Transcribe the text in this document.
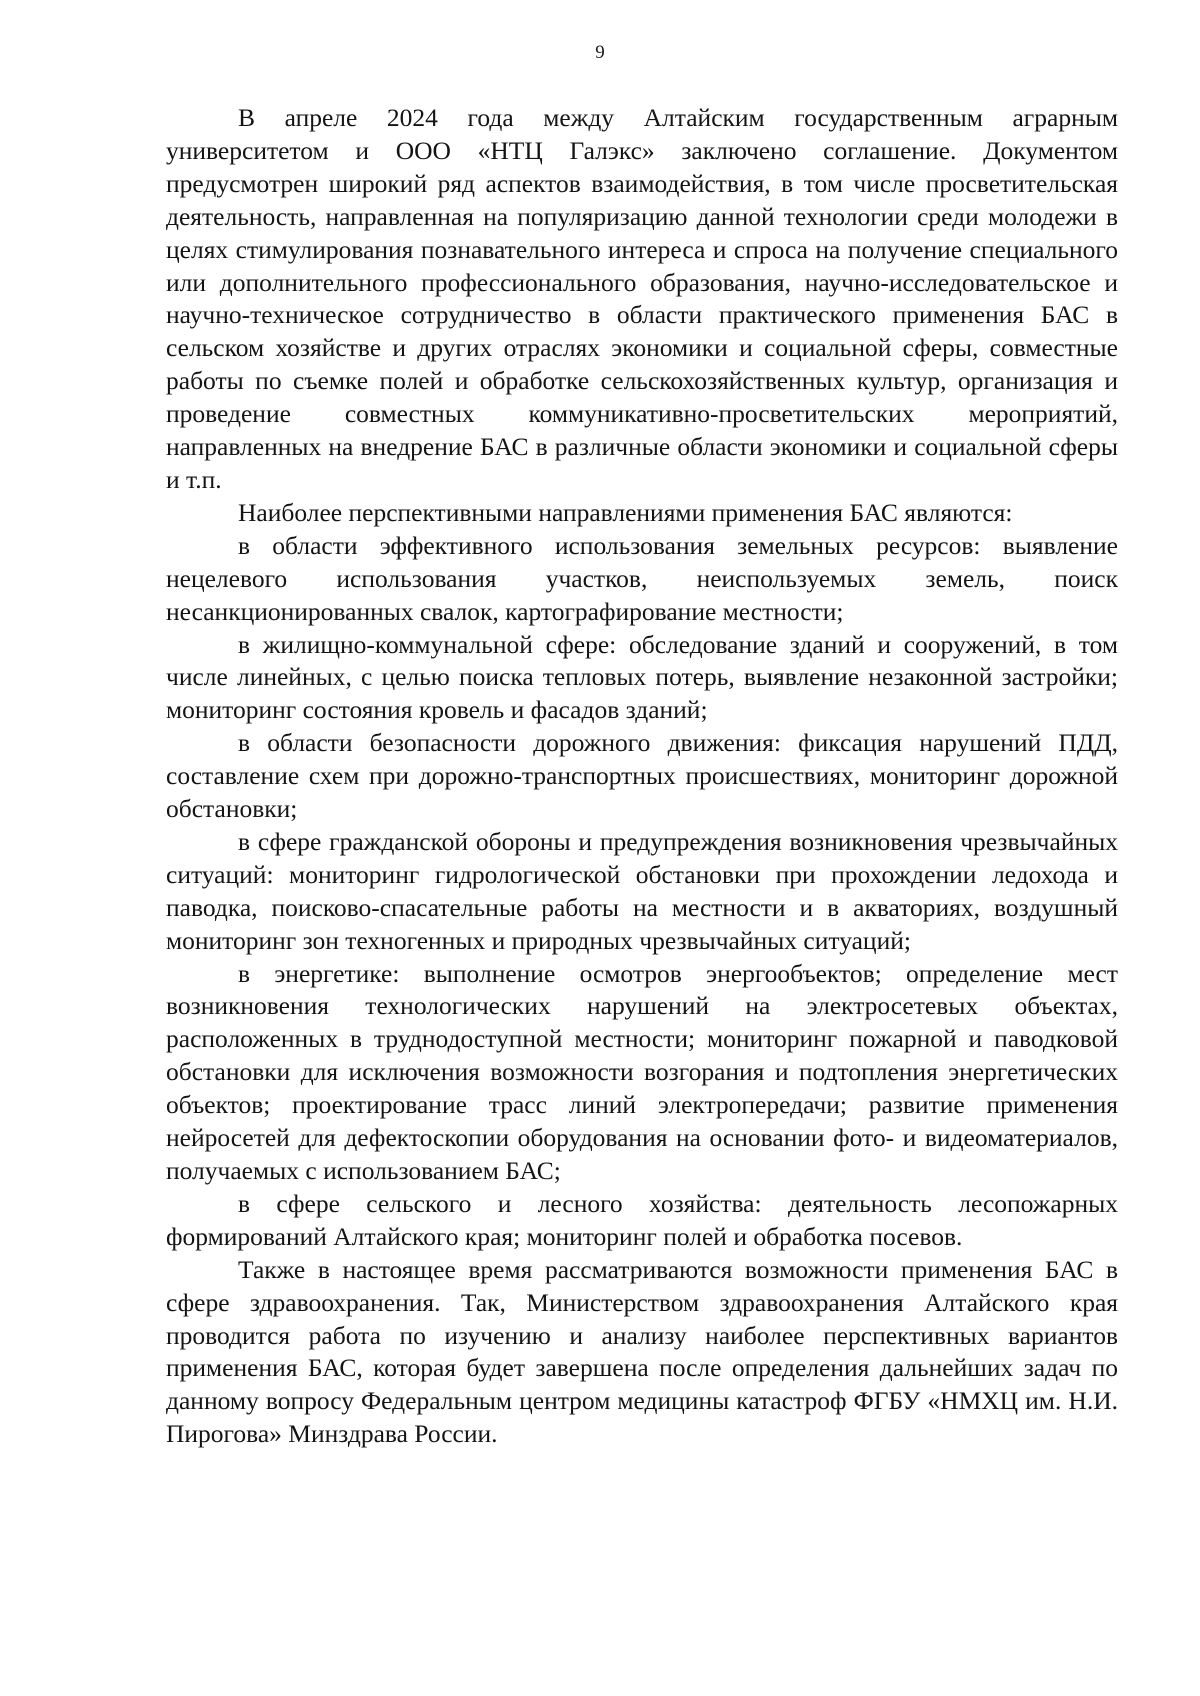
9

В апреле 2024 года между Алтайским государственным аграрным университетом и ООО «НТЦ Галэкс» заключено соглашение. Документом предусмотрен широкий ряд аспектов взаимодействия, в том числе просветительская деятельность, направленная на популяризацию данной технологии среди молодежи в целях стимулирования познавательного интереса и спроса на получение специального или дополнительного профессионального образования, научно-исследовательское и научно-техническое сотрудничество в области практического применения БАС в сельском хозяйстве и других отраслях экономики и социальной сферы, совместные работы по съемке полей и обработке сельскохозяйственных культур, организация и проведение совместных коммуникативно-просветительских мероприятий, направленных на внедрение БАС в различные области экономики и социальной сферы и т.п.

Наиболее перспективными направлениями применения БАС являются:

в области эффективного использования земельных ресурсов: выявление нецелевого использования участков, неиспользуемых земель, поиск несанкционированных свалок, картографирование местности;

в жилищно-коммунальной сфере: обследование зданий и сооружений, в том числе линейных, с целью поиска тепловых потерь, выявление незаконной застройки; мониторинг состояния кровель и фасадов зданий;

в области безопасности дорожного движения: фиксация нарушений ПДД, составление схем при дорожно-транспортных происшествиях, мониторинг дорожной обстановки;

в сфере гражданской обороны и предупреждения возникновения чрезвычайных ситуаций: мониторинг гидрологической обстановки при прохождении ледохода и паводка, поисково-спасательные работы на местности и в акваториях, воздушный мониторинг зон техногенных и природных чрезвычайных ситуаций;

в энергетике: выполнение осмотров энергообъектов; определение мест возникновения технологических нарушений на электросетевых объектах, расположенных в труднодоступной местности; мониторинг пожарной и паводковой обстановки для исключения возможности возгорания и подтопления энергетических объектов; проектирование трасс линий электропередачи; развитие применения нейросетей для дефектоскопии оборудования на основании фото- и видеоматериалов, получаемых с использованием БАС;

в сфере сельского и лесного хозяйства: деятельность лесопожарных формирований Алтайского края; мониторинг полей и обработка посевов.

Также в настоящее время рассматриваются возможности применения БАС в сфере здравоохранения. Так, Министерством здравоохранения Алтайского края проводится работа по изучению и анализу наиболее перспективных вариантов применения БАС, которая будет завершена после определения дальнейших задач по данному вопросу Федеральным центром медицины катастроф ФГБУ «НМХЦ им. Н.И. Пирогова» Минздрава России.
